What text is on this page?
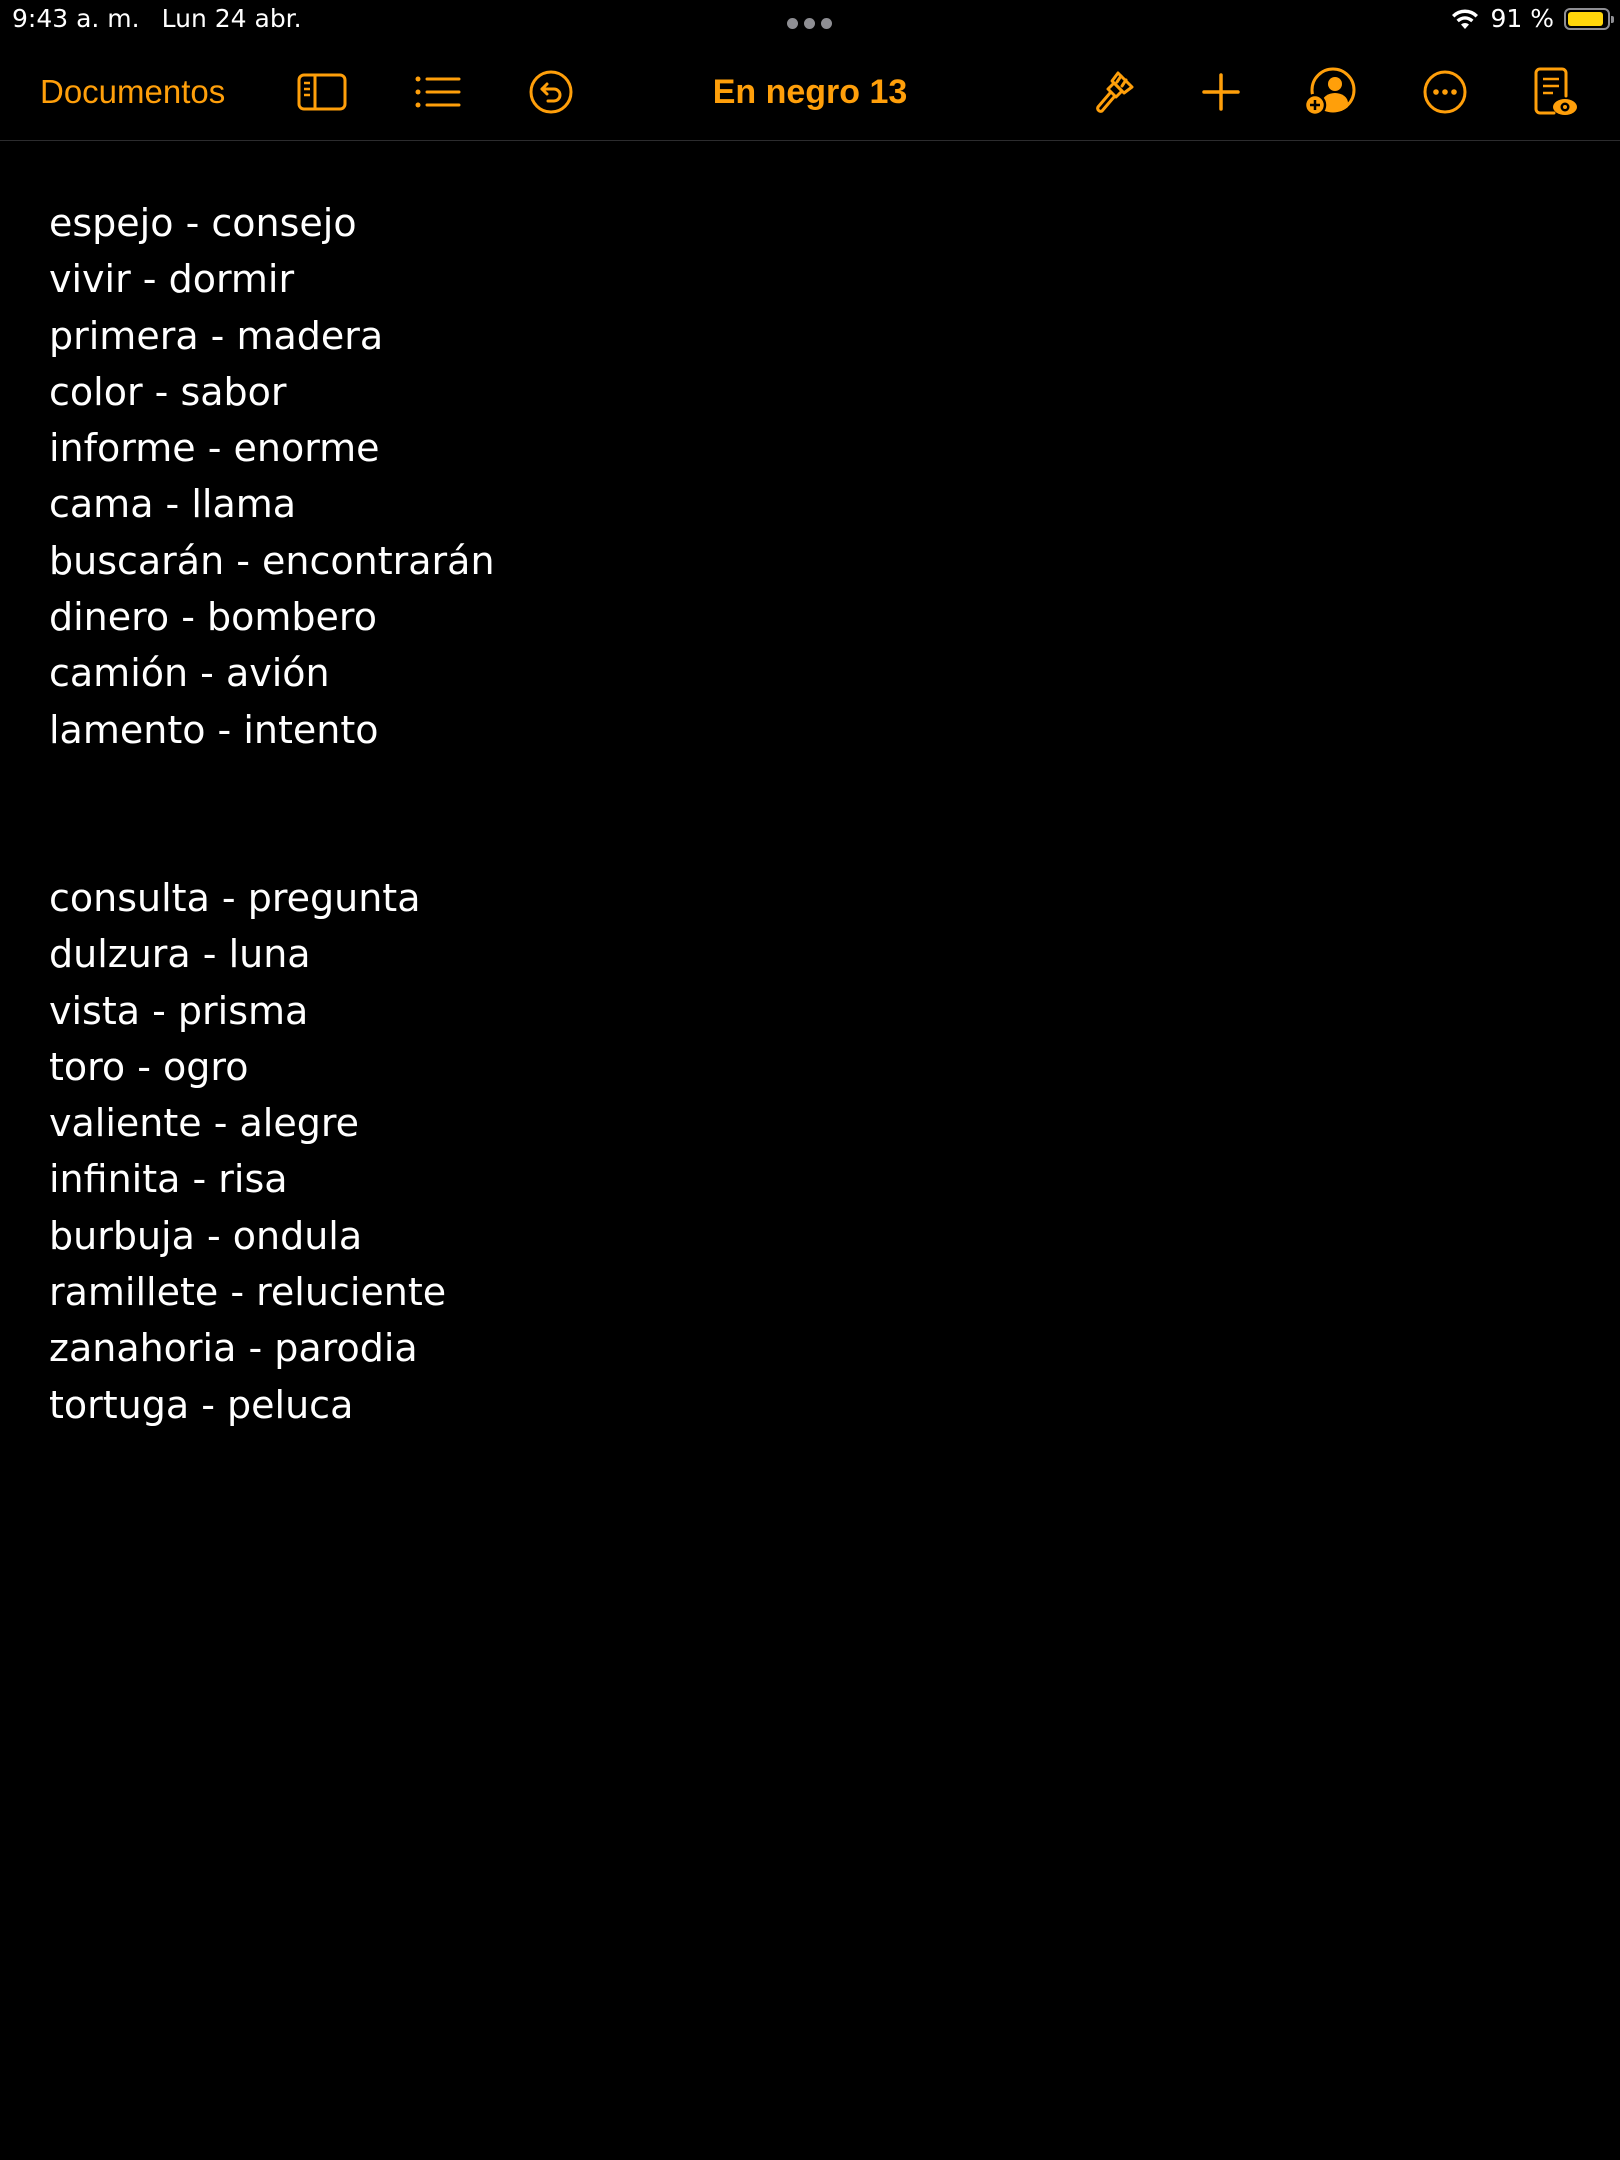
9:43 a. m. Lun 24 abr.	91 %
Documentos	En negro 13
espejo - consejo
vivir - dormir
primera - madera
color - sabor
informe - enorme
cama - llama
buscarán - encontrarán
dinero - bombero
camión - avión
lamento - intento
consulta - pregunta
dulzura - luna
vista - prisma
toro - ogro
valiente - alegre
infinita - risa
burbuja - ondula
ramillete - reluciente
zanahoria - parodia
tortuga - peluca
